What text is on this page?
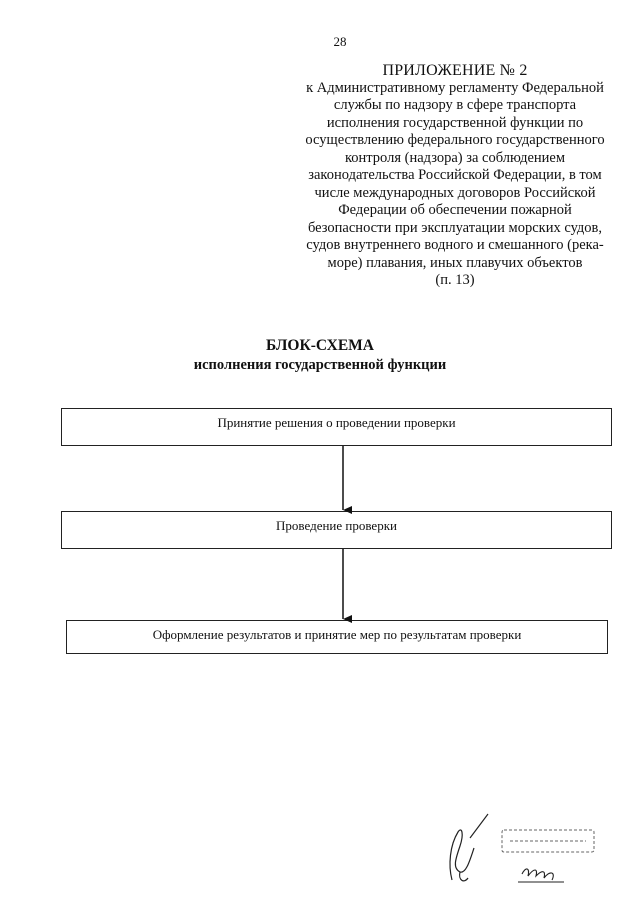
28
ПРИЛОЖЕНИЕ № 2
к Административному регламенту Федеральной
службы по надзору в сфере транспорта
исполнения государственной функции по
осуществлению федерального государственного
контроля (надзора) за соблюдением
законодательства Российской Федерации, в том
числе международных договоров Российской
Федерации об обеспечении пожарной
безопасности при эксплуатации морских судов,
судов внутреннего водного и смешанного (река-
море) плавания, иных плавучих объектов
(п. 13)
БЛОК-СХЕМА
исполнения государственной функции
Принятие решения о проведении проверки
Проведение проверки
Оформление результатов и принятие мер по результатам проверки
